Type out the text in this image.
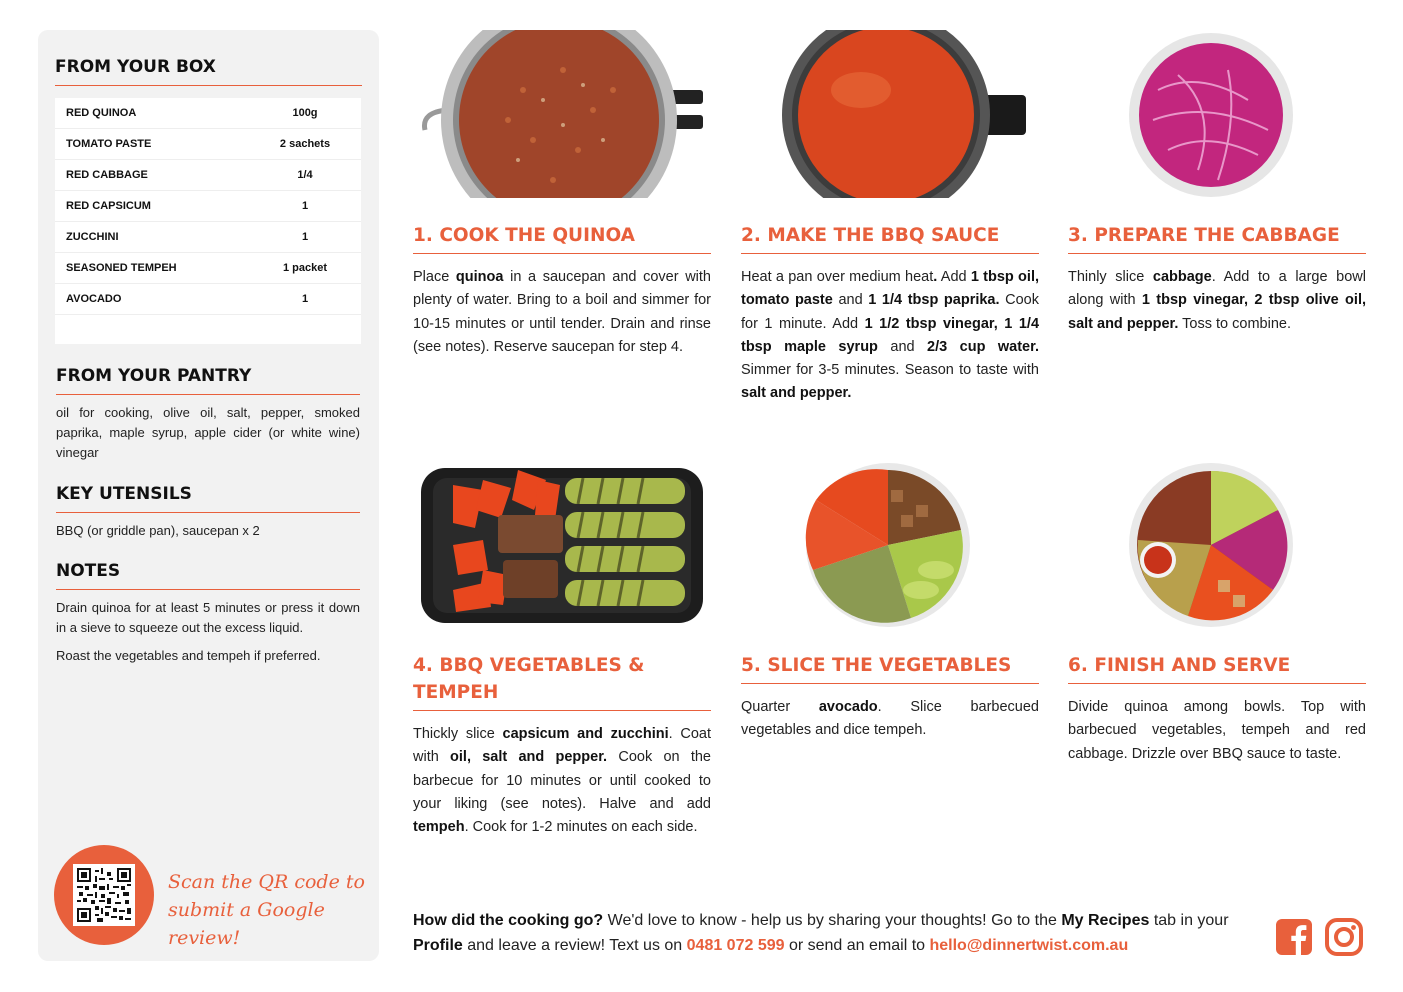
FROM YOUR BOX
RED QUINOA	100g
TOMATO PASTE	2 sachets
RED CABBAGE	1/4
RED CAPSICUM	1
ZUCCHINI	1
SEASONED TEMPEH	1 packet
AVOCADO	1
FROM YOUR PANTRY
oil for cooking, olive oil, salt, pepper, smoked paprika, maple syrup, apple cider (or white wine) vinegar
KEY UTENSILS
BBQ (or griddle pan), saucepan x 2
NOTES
Drain quinoa for at least 5 minutes or press it down in a sieve to squeeze out the excess liquid.
Roast the vegetables and tempeh if preferred.
Scan the QR code to
submit a Google review!
1. COOK THE QUINOA
Place quinoa in a saucepan and cover with plenty of water. Bring to a boil and simmer for 10-15 minutes or until tender. Drain and rinse (see notes). Reserve saucepan for step 4.
2. MAKE THE BBQ SAUCE
Heat a pan over medium heat. Add 1 tbsp oil, tomato paste and 1 1/4 tbsp paprika. Cook for 1 minute. Add 1 1/2 tbsp vinegar, 1 1/4 tbsp maple syrup and 2/3 cup water. Simmer for 3-5 minutes. Season to taste with salt and pepper.
3. PREPARE THE CABBAGE
Thinly slice cabbage. Add to a large bowl along with 1 tbsp vinegar, 2 tbsp olive oil, salt and pepper. Toss to combine.
4. BBQ VEGETABLES & TEMPEH
Thickly slice capsicum and zucchini. Coat with oil, salt and pepper. Cook on the barbecue for 10 minutes or until cooked to your liking (see notes). Halve and add tempeh. Cook for 1-2 minutes on each side.
5. SLICE THE VEGETABLES
Quarter avocado. Slice barbecued vegetables and dice tempeh.
6. FINISH AND SERVE
Divide quinoa among bowls. Top with barbecued vegetables, tempeh and red cabbage. Drizzle over BBQ sauce to taste.
How did the cooking go? We'd love to know - help us by sharing your thoughts! Go to the My Recipes tab in your Profile and leave a review! Text us on 0481 072 599 or send an email to hello@dinnertwist.com.au
